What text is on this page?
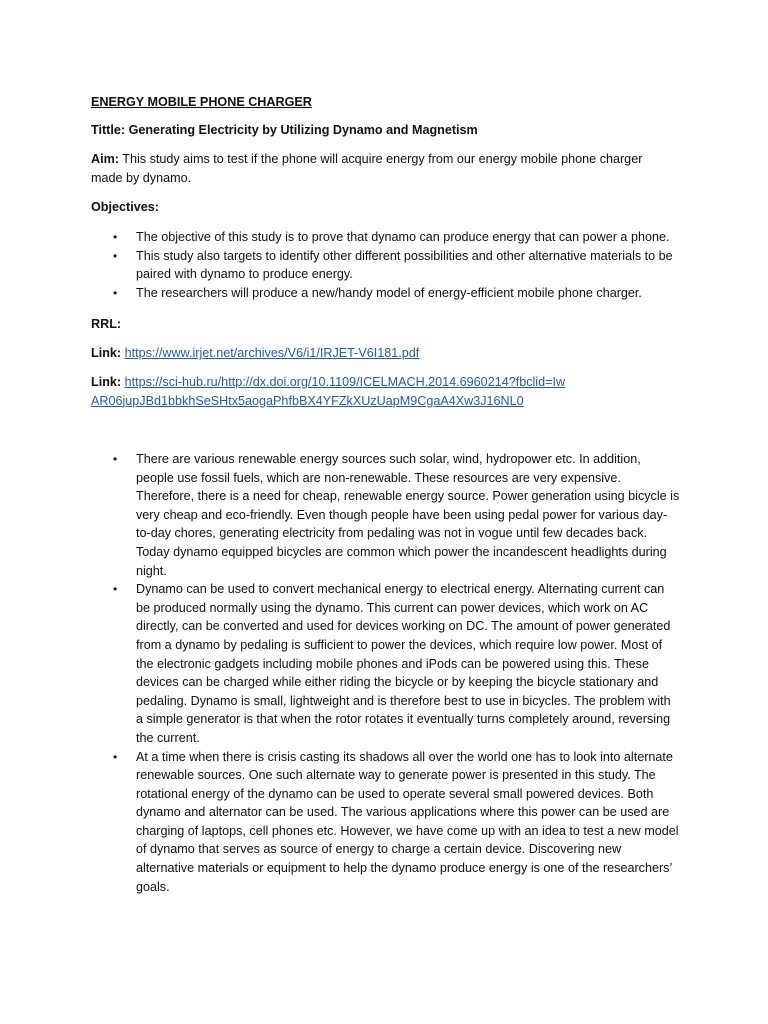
ENERGY MOBILE PHONE CHARGER

Tittle: Generating Electricity by Utilizing Dynamo and Magnetism

Aim: This study aims to test if the phone will acquire energy from our energy mobile phone charger made by dynamo.

Objectives:

• The objective of this study is to prove that dynamo can produce energy that can power a phone.
• This study also targets to identify other different possibilities and other alternative materials to be paired with dynamo to produce energy.
• The researchers will produce a new/handy model of energy-efficient mobile phone charger.

RRL:

Link: https://www.irjet.net/archives/V6/i1/IRJET-V6I181.pdf

Link: https://sci-hub.ru/http://dx.doi.org/10.1109/ICELMACH.2014.6960214?fbclid=IwAR06jupJBd1bbkhSeSHtx5aogaPhfbBX4YFZkXUzUapM9CgaA4Xw3J16NL0

• There are various renewable energy sources such solar, wind, hydropower etc. In addition, people use fossil fuels, which are non-renewable. These resources are very expensive. Therefore, there is a need for cheap, renewable energy source. Power generation using bicycle is very cheap and eco-friendly. Even though people have been using pedal power for various day-to-day chores, generating electricity from pedaling was not in vogue until few decades back. Today dynamo equipped bicycles are common which power the incandescent headlights during night.
• Dynamo can be used to convert mechanical energy to electrical energy. Alternating current can be produced normally using the dynamo. This current can power devices, which work on AC directly, can be converted and used for devices working on DC. The amount of power generated from a dynamo by pedaling is sufficient to power the devices, which require low power. Most of the electronic gadgets including mobile phones and iPods can be powered using this. These devices can be charged while either riding the bicycle or by keeping the bicycle stationary and pedaling. Dynamo is small, lightweight and is therefore best to use in bicycles. The problem with a simple generator is that when the rotor rotates it eventually turns completely around, reversing the current.
• At a time when there is crisis casting its shadows all over the world one has to look into alternate renewable sources. One such alternate way to generate power is presented in this study. The rotational energy of the dynamo can be used to operate several small powered devices. Both dynamo and alternator can be used. The various applications where this power can be used are charging of laptops, cell phones etc. However, we have come up with an idea to test a new model of dynamo that serves as source of energy to charge a certain device. Discovering new alternative materials or equipment to help the dynamo produce energy is one of the researchers’ goals.
